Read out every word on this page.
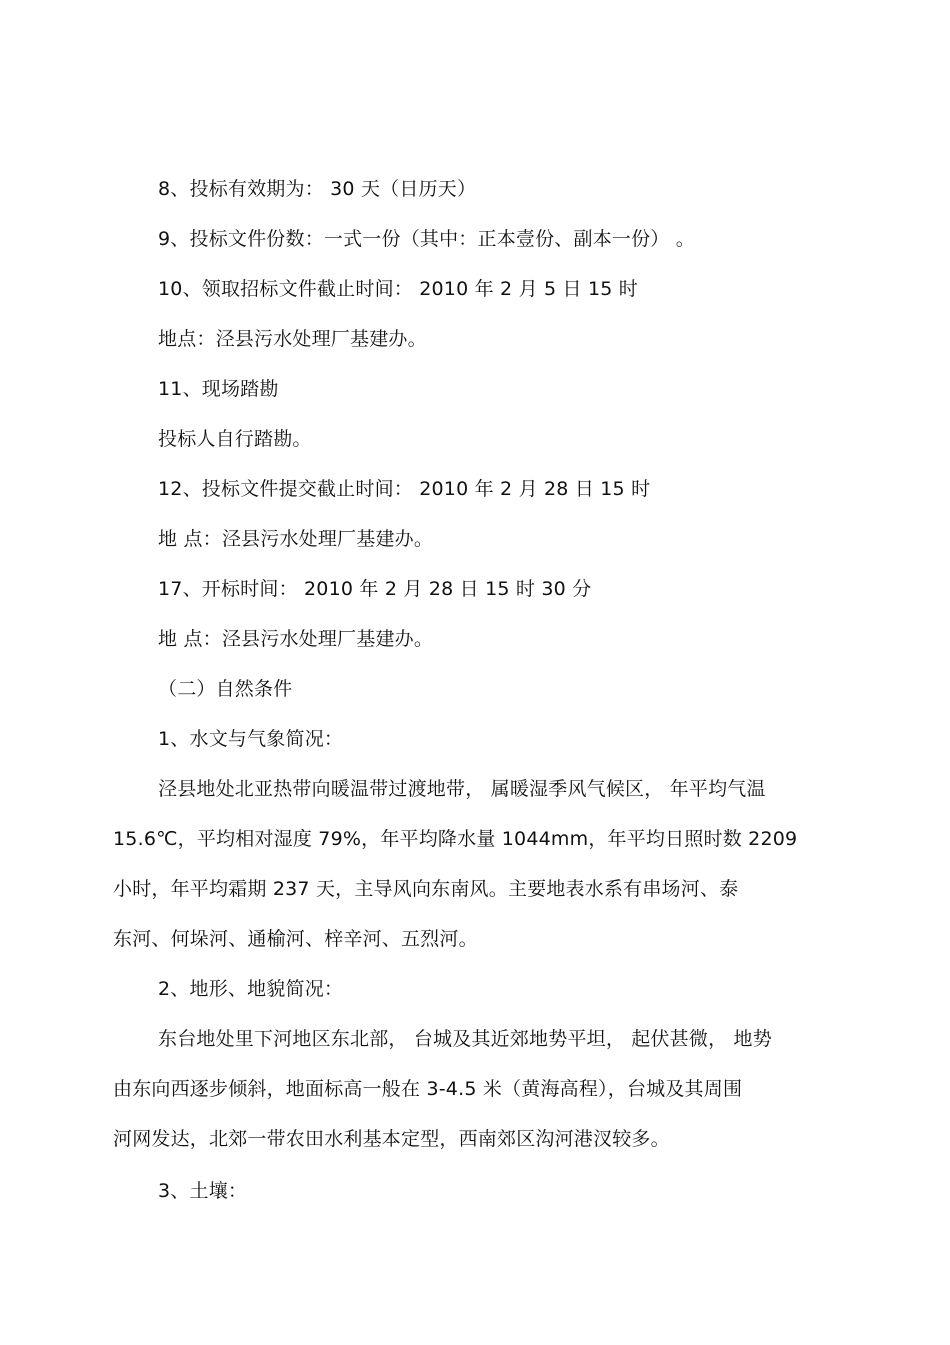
8、投标有效期为： 30 天（日历天）
9、投标文件份数：一式一份（其中：正本壹份、副本一份） 。
10、领取招标文件截止时间： 2010 年 2 月 5 日 15 时
地点：泾县污水处理厂基建办。
11、现场踏勘
投标人自行踏勘。
12、投标文件提交截止时间： 2010 年 2 月 28 日 15 时
地 点：泾县污水处理厂基建办。
17、开标时间： 2010 年 2 月 28 日 15 时 30 分
地 点：泾县污水处理厂基建办。
（二）自然条件
1、水文与气象简况：
泾县地处北亚热带向暖温带过渡地带， 属暖湿季风气候区， 年平均气温
15.6℃，平均相对湿度 79%，年平均降水量 1044mm，年平均日照时数 2209
小时，年平均霜期 237 天，主导风向东南风。主要地表水系有串场河、泰
东河、何垛河、通榆河、梓辛河、五烈河。
2、地形、地貌简况：
东台地处里下河地区东北部， 台城及其近郊地势平坦， 起伏甚微， 地势
由东向西逐步倾斜，地面标高一般在 3-4.5 米（黄海高程），台城及其周围
河网发达，北郊一带农田水利基本定型，西南郊区沟河港汊较多。
3、土壤：
